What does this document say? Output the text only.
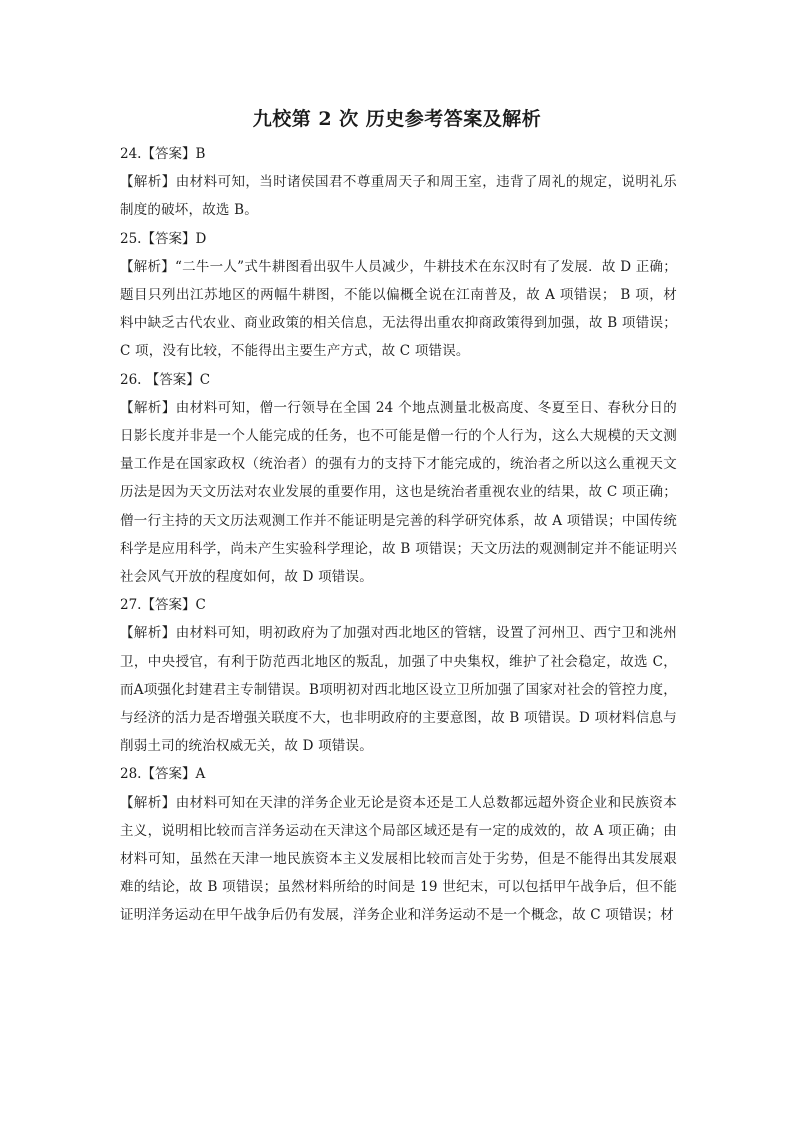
九校第 2 次 历史参考答案及解析

24.【答案】B

【解析】由材料可知，当时诸侯国君不尊重周天子和周王室，违背了周礼的规定，说明礼乐制度的破坏，故选 B。

25.【答案】D

【解析】“二牛一人”式牛耕图看出驭牛人员减少，牛耕技术在东汉时有了发展．故 D 正确；题目只列出江苏地区的两幅牛耕图，不能以偏概全说在江南普及，故 A 项错误； B 项，材料中缺乏古代农业、商业政策的相关信息，无法得出重农抑商政策得到加强，故 B 项错误；C 项，没有比较，不能得出主要生产方式，故 C 项错误。

26. 【答案】C

【解析】由材料可知，僧一行领导在全国 24 个地点测量北极高度、冬夏至日、春秋分日的日影长度并非是一个人能完成的任务，也不可能是僧一行的个人行为，这么大规模的天文测量工作是在国家政权（统治者）的强有力的支持下才能完成的，统治者之所以这么重视天文历法是因为天文历法对农业发展的重要作用，这也是统治者重视农业的结果，故 C 项正确；僧一行主持的天文历法观测工作并不能证明是完善的科学研究体系，故 A 项错误；中国传统科学是应用科学，尚未产生实验科学理论，故 B 项错误；天文历法的观测制定并不能证明兴社会风气开放的程度如何，故 D 项错误。

27.【答案】C

【解析】由材料可知，明初政府为了加强对西北地区的管辖，设置了河州卫、西宁卫和洮州卫，中央授官，有利于防范西北地区的叛乱，加强了中央集权，维护了社会稳定，故选 C，而A项强化封建君主专制错误。B项明初对西北地区设立卫所加强了国家对社会的管控力度，与经济的活力是否增强关联度不大，也非明政府的主要意图，故 B 项错误。D 项材料信息与削弱土司的统治权威无关，故 D 项错误。

28.【答案】A

【解析】由材料可知在天津的洋务企业无论是资本还是工人总数都远超外资企业和民族资本主义，说明相比较而言洋务运动在天津这个局部区域还是有一定的成效的，故 A 项正确；由材料可知，虽然在天津一地民族资本主义发展相比较而言处于劣势，但是不能得出其发展艰难的结论，故 B 项错误；虽然材料所给的时间是 19 世纪末，可以包括甲午战争后，但不能证明洋务运动在甲午战争后仍有发展，洋务企业和洋务运动不是一个概念，故 C 项错误；材
